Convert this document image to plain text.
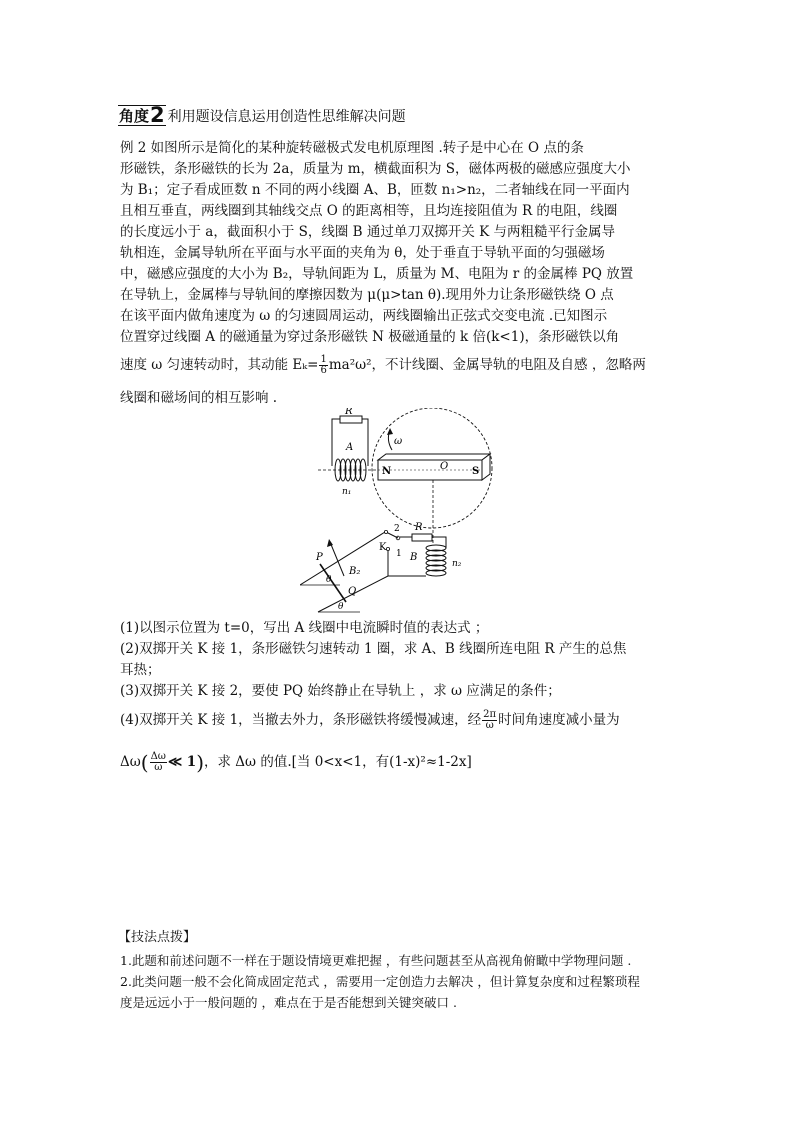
角度 2 利用题设信息运用创造性思维解决问题
例 2 如图所示是简化的某种旋转磁极式发电机原理图 .转子是中心在 O 点的条
形磁铁，条形磁铁的长为 2a，质量为 m，横截面积为 S，磁体两极的磁感应强度大小
为 B₁；定子看成匝数 n 不同的两小线圈 A、B，匝数 n₁>n₂，二者轴线在同一平面内
且相互垂直，两线圈到其轴线交点 O 的距离相等，且均连接阻值为 R 的电阻，线圈
的长度远小于 a，截面积小于 S，线圈 B 通过单刀双掷开关 K 与两粗糙平行金属导
轨相连，金属导轨所在平面与水平面的夹角为 θ，处于垂直于导轨平面的匀强磁场
中，磁感应强度的大小为 B₂，导轨间距为 L，质量为 M、电阻为 r 的金属棒 PQ 放置
在导轨上，金属棒与导轨间的摩擦因数为 μ(μ>tan θ).现用外力让条形磁铁绕 O 点
在该平面内做角速度为 ω 的匀速圆周运动，两线圈输出正弦式交变电流 .已知图示
位置穿过线圈 A 的磁通量为穿过条形磁铁 N 极磁通量的 k 倍(k<1)，条形磁铁以角
速度 ω 匀速转动时，其动能 $E_k= \frac{1}{6} ma^2\omega^2$，不计线圈、金属导轨的电阻及自感 ，忽略两
线圈和磁场间的相互影响 .
R
A
n₁
N	O S
ω
R
n₂
B
K
2
1
P
Q
B₂
θ
θ
(1)以图示位置为 t=0，写出 A 线圈中电流瞬时值的表达式 ；
(2)双掷开关 K 接 1，条形磁铁匀速转动 1 圈，求 A、B 线圈所连电阻 R 产生的总焦
耳热；
(3)双掷开关 K 接 2，要使 PQ 始终静止在导轨上 ，求 ω 应满足的条件；
(4)双掷开关 K 接 1，当撤去外力，条形磁铁将缓慢减速，经 $\frac{2\pi}{\omega}$ 时间角速度减小量为
$\Delta\omega( \frac{\Delta\omega}{\omega}$ ≪ 1)，求 Δω 的值.[当 0<x<1，有(1-x)²≈1-2x]
【技法点拨】
1.此题和前述问题不一样在于题设情境更难把握 ，有些问题甚至从高视角俯瞰中学物理问题 .
2.此类问题一般不会化简成固定范式 ，需要用一定创造力去解决 ，但计算复杂度和过程繁琐程
度是远远小于一般问题的 ，难点在于是否能想到关键突破口 .
